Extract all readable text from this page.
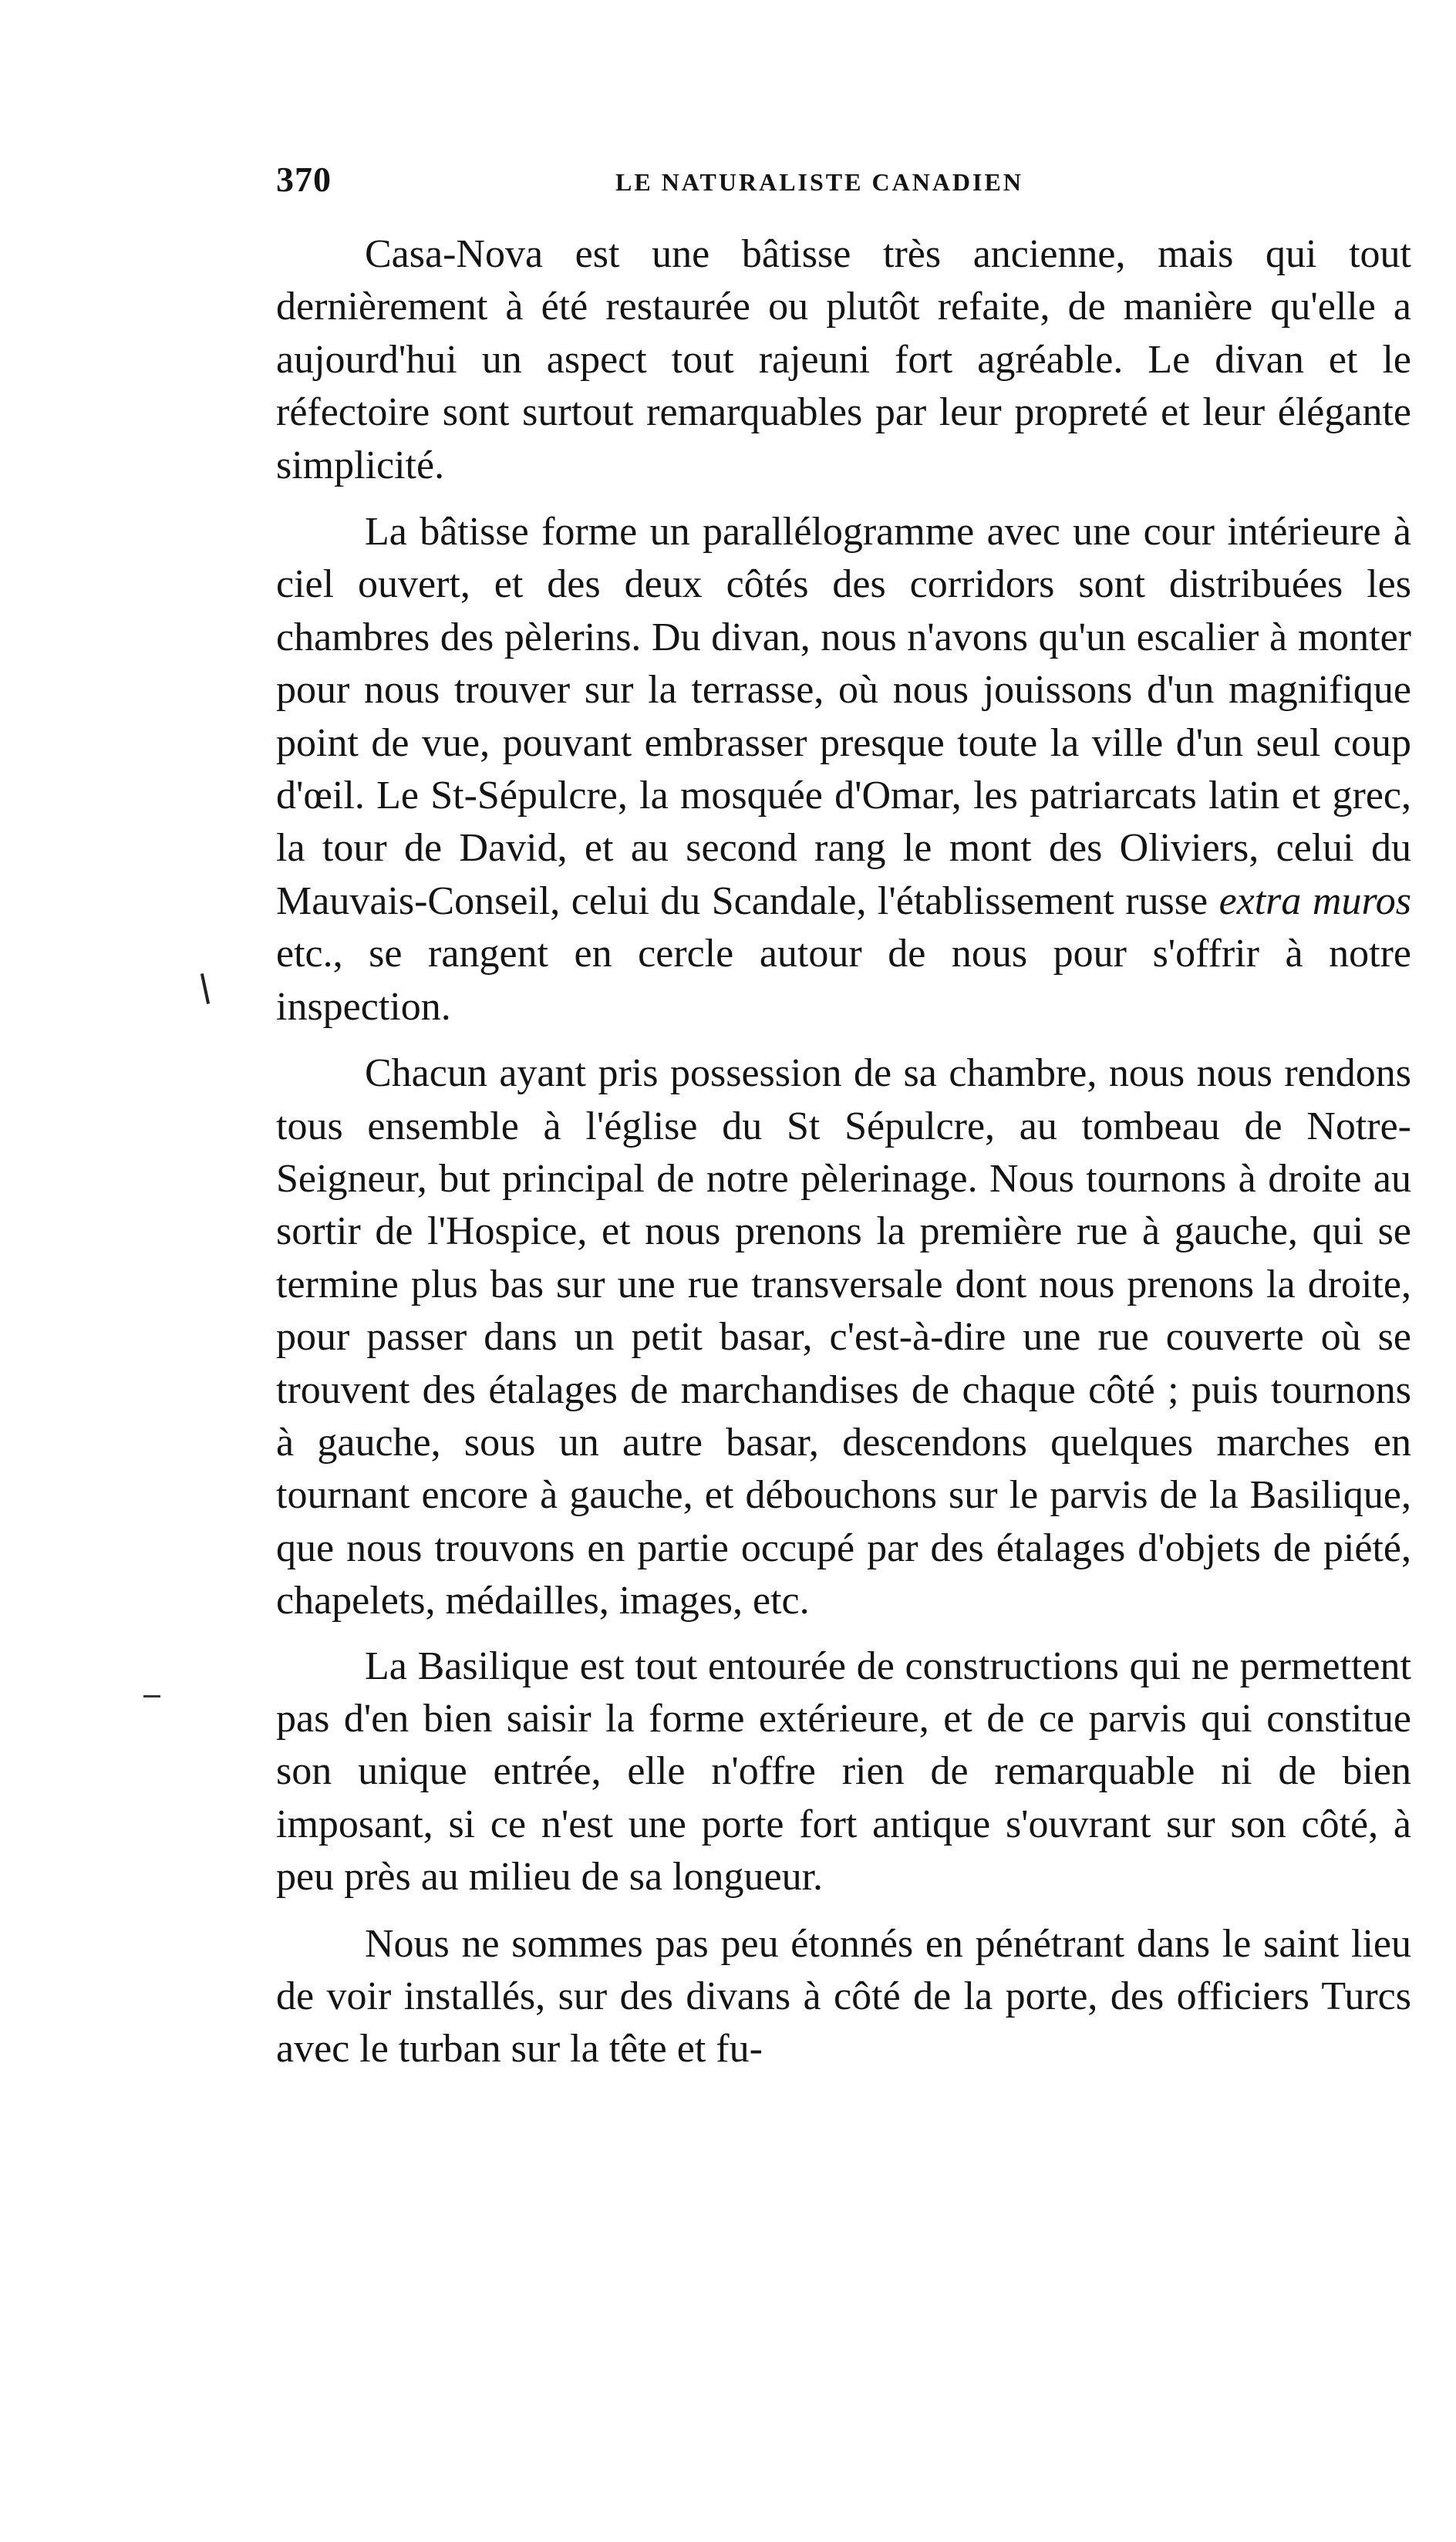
370	LE NATURALISTE CANADIEN

Casa-Nova est une bâtisse très ancienne, mais qui tout dernièrement à été restaurée ou plutôt refaite, de manière qu'elle a aujourd'hui un aspect tout rajeuni fort agréable. Le divan et le réfectoire sont surtout remarquables par leur propreté et leur élégante simplicité.

La bâtisse forme un parallélogramme avec une cour intérieure à ciel ouvert, et des deux côtés des corridors sont distribuées les chambres des pèlerins. Du divan, nous n'avons qu'un escalier à monter pour nous trouver sur la terrasse, où nous jouissons d'un magnifique point de vue, pouvant embrasser presque toute la ville d'un seul coup d'œil. Le St-Sépulcre, la mosquée d'Omar, les patriarcats latin et grec, la tour de David, et au second rang le mont des Oliviers, celui du Mauvais-Conseil, celui du Scandale, l'établissement russe extra muros etc., se rangent en cercle autour de nous pour s'offrir à notre inspection.

Chacun ayant pris possession de sa chambre, nous nous rendons tous ensemble à l'église du St Sépulcre, au tombeau de Notre-Seigneur, but principal de notre pèlerinage. Nous tournons à droite au sortir de l'Hospice, et nous prenons la première rue à gauche, qui se termine plus bas sur une rue transversale dont nous prenons la droite, pour passer dans un petit basar, c'est-à-dire une rue couverte où se trouvent des étalages de marchandises de chaque côté ; puis tournons à gauche, sous un autre basar, descendons quelques marches en tournant encore à gauche, et débouchons sur le parvis de la Basilique, que nous trouvons en partie occupé par des étalages d'objets de piété, chapelets, médailles, images, etc.

La Basilique est tout entourée de constructions qui ne permettent pas d'en bien saisir la forme extérieure, et de ce parvis qui constitue son unique entrée, elle n'offre rien de remarquable ni de bien imposant, si ce n'est une porte fort antique s'ouvrant sur son côté, à peu près au milieu de sa longueur.

Nous ne sommes pas peu étonnés en pénétrant dans le saint lieu de voir installés, sur des divans à côté de la porte, des officiers Turcs avec le turban sur la tête et fu-
